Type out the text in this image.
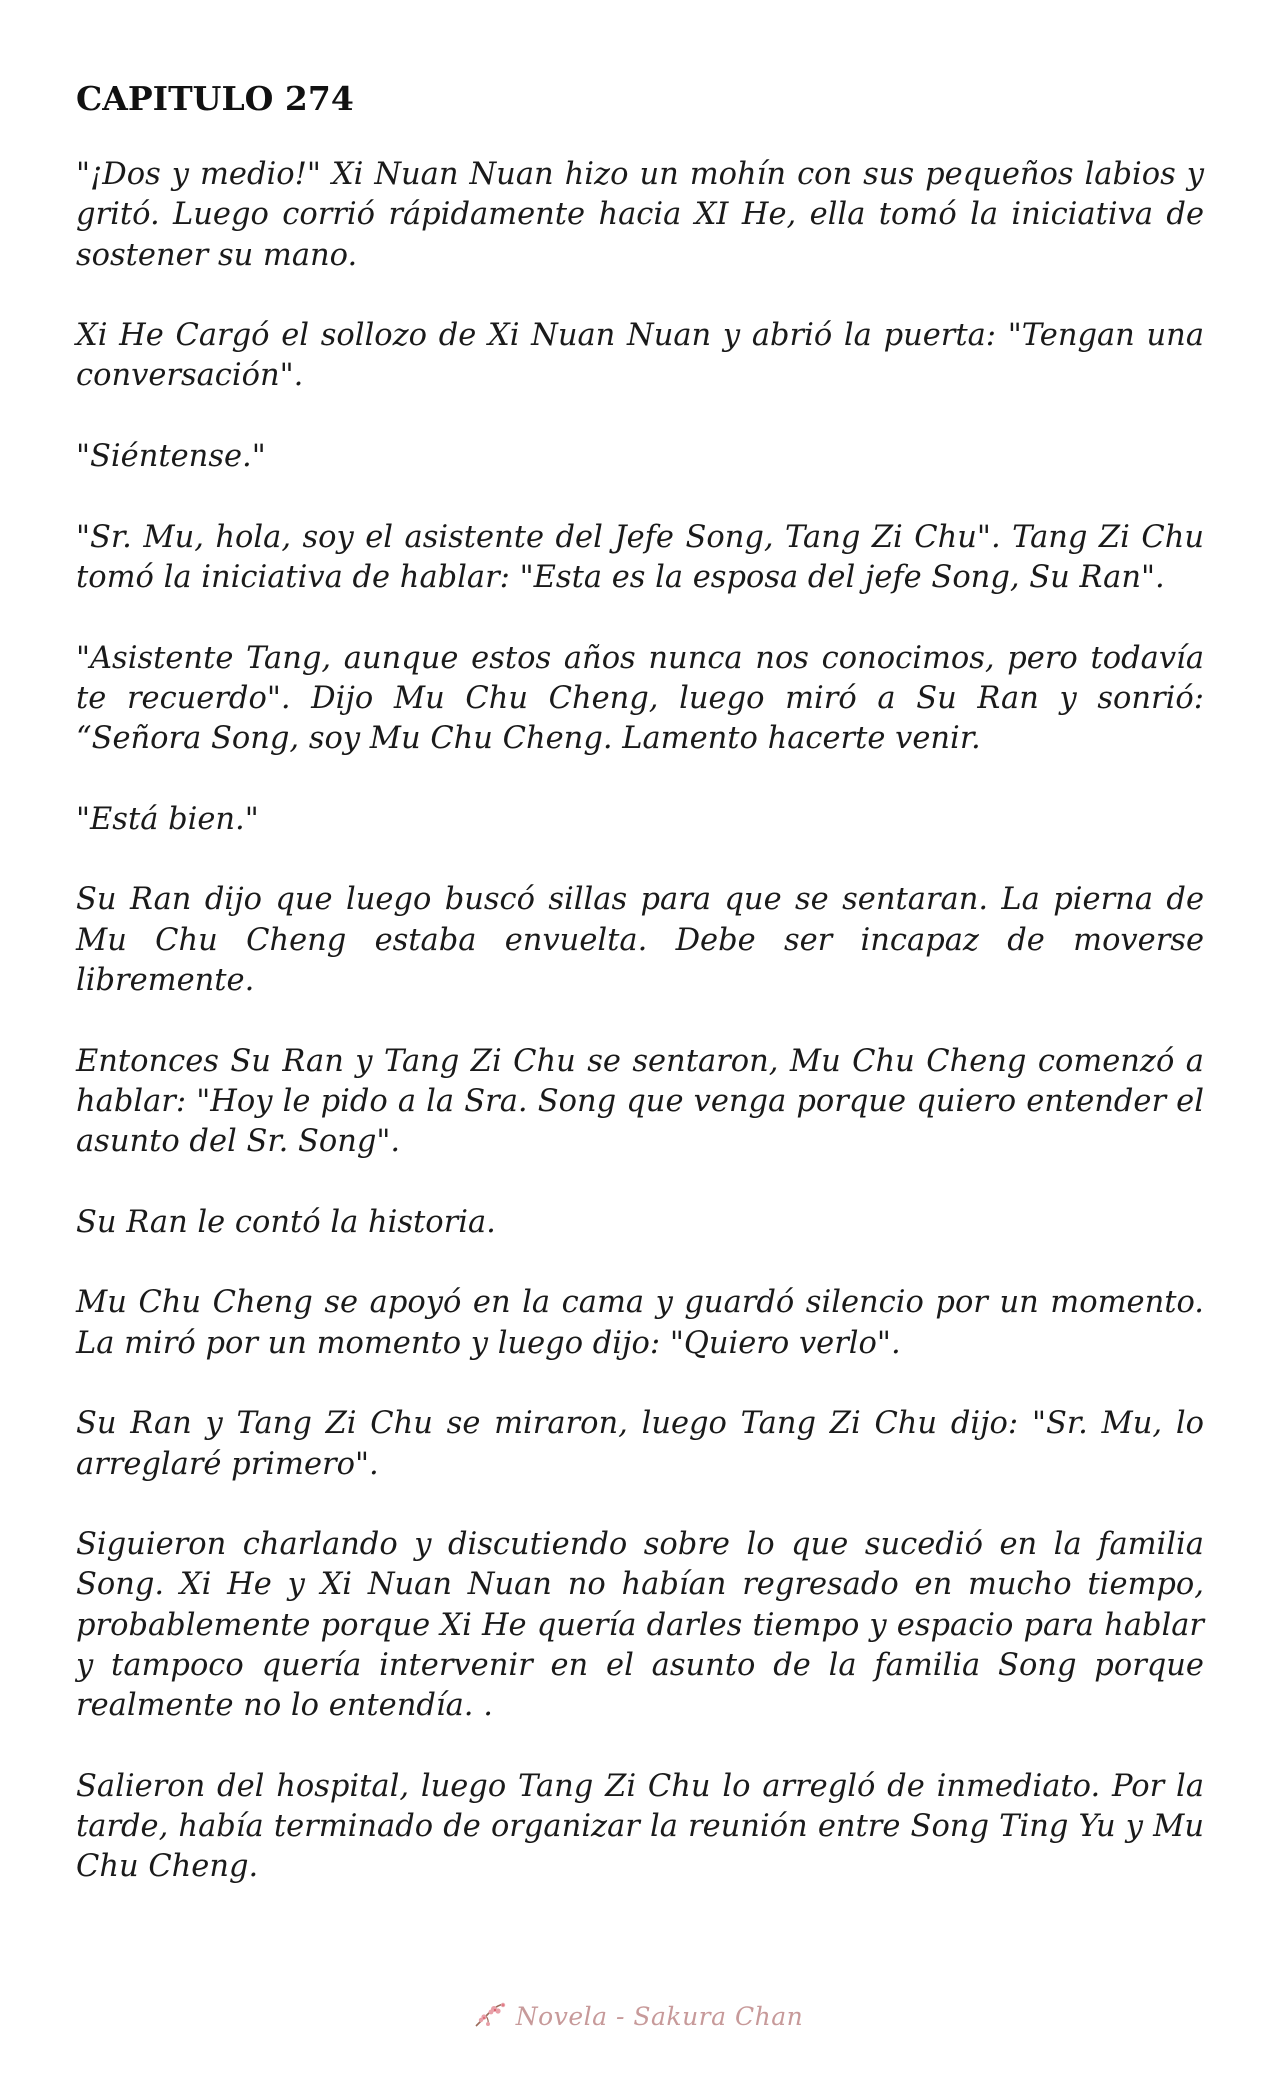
CAPITULO 274

"¡Dos y medio!" Xi Nuan Nuan hizo un mohín con sus pequeños labios y gritó. Luego corrió rápidamente hacia XI He, ella tomó la iniciativa de sostener su mano.

Xi He Cargó el sollozo de Xi Nuan Nuan y abrió la puerta: "Tengan una conversación".

"Siéntense."

"Sr. Mu, hola, soy el asistente del Jefe Song, Tang Zi Chu". Tang Zi Chu tomó la iniciativa de hablar: "Esta es la esposa del jefe Song, Su Ran".

"Asistente Tang, aunque estos años nunca nos conocimos, pero todavía te recuerdo". Dijo Mu Chu Cheng, luego miró a Su Ran y sonrió: “Señora Song, soy Mu Chu Cheng. Lamento hacerte venir.

"Está bien."

Su Ran dijo que luego buscó sillas para que se sentaran. La pierna de Mu Chu Cheng estaba envuelta. Debe ser incapaz de moverse libremente.

Entonces Su Ran y Tang Zi Chu se sentaron, Mu Chu Cheng comenzó a hablar: "Hoy le pido a la Sra. Song que venga porque quiero entender el asunto del Sr. Song".

Su Ran le contó la historia.

Mu Chu Cheng se apoyó en la cama y guardó silencio por un momento. La miró por un momento y luego dijo: "Quiero verlo".

Su Ran y Tang Zi Chu se miraron, luego Tang Zi Chu dijo: "Sr. Mu, lo arreglaré primero".

Siguieron charlando y discutiendo sobre lo que sucedió en la familia Song. Xi He y Xi Nuan Nuan no habían regresado en mucho tiempo, probablemente porque Xi He quería darles tiempo y espacio para hablar y tampoco quería intervenir en el asunto de la familia Song porque realmente no lo entendía. .

Salieron del hospital, luego Tang Zi Chu lo arregló de inmediato. Por la tarde, había terminado de organizar la reunión entre Song Ting Yu y Mu Chu Cheng.

Novela - Sakura Chan
